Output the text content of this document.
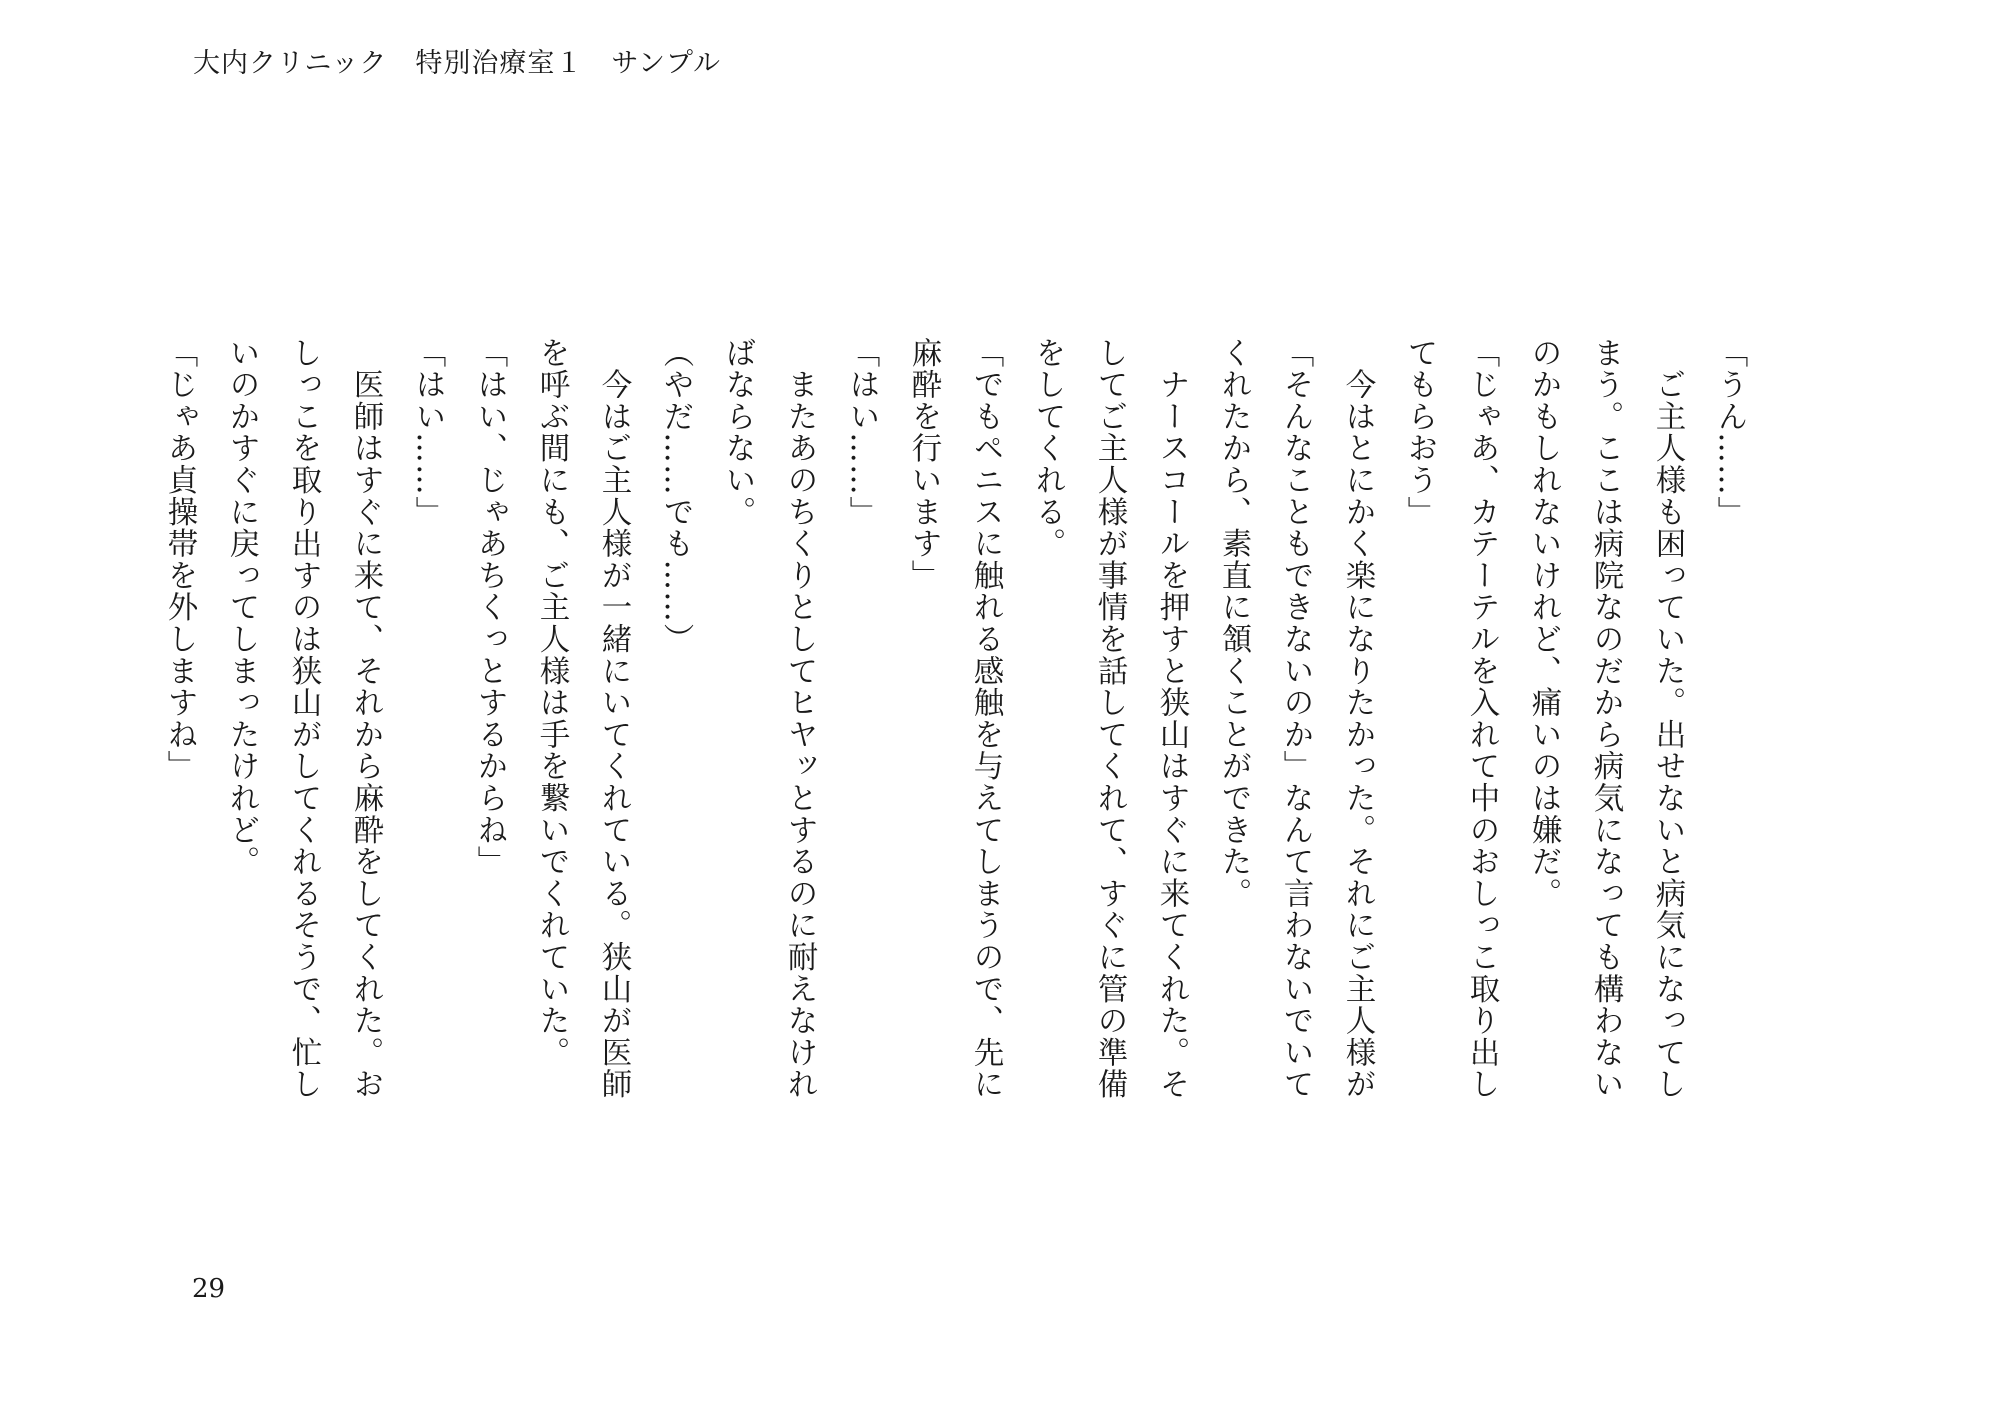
大内クリニック　特別治療室１　サンプル
「うん……」
　ご主人様も困っていた。出せないと病気になってし
まう。ここは病院なのだから病気になっても構わない
のかもしれないけれど、痛いのは嫌だ。
「じゃあ、カテーテルを入れて中のおしっこ取り出し
てもらおう」
　今はとにかく楽になりたかった。それにご主人様が
「そんなこともできないのか」なんて言わないでいて
くれたから、素直に頷くことができた。
　ナースコールを押すと狭山はすぐに来てくれた。そ
してご主人様が事情を話してくれて、すぐに管の準備
をしてくれる。
「でもペニスに触れる感触を与えてしまうので、先に
麻酔を行います」
「はい……」
　またあのちくりとしてヒヤッとするのに耐えなけれ
ばならない。
（やだ……でも……）
　今はご主人様が一緒にいてくれている。狭山が医師
を呼ぶ間にも、ご主人様は手を繋いでくれていた。
「はい、じゃあちくっとするからね」
「はい……」
　医師はすぐに来て、それから麻酔をしてくれた。お
しっこを取り出すのは狭山がしてくれるそうで、忙し
いのかすぐに戻ってしまったけれど。
「じゃあ貞操帯を外しますね」
29
